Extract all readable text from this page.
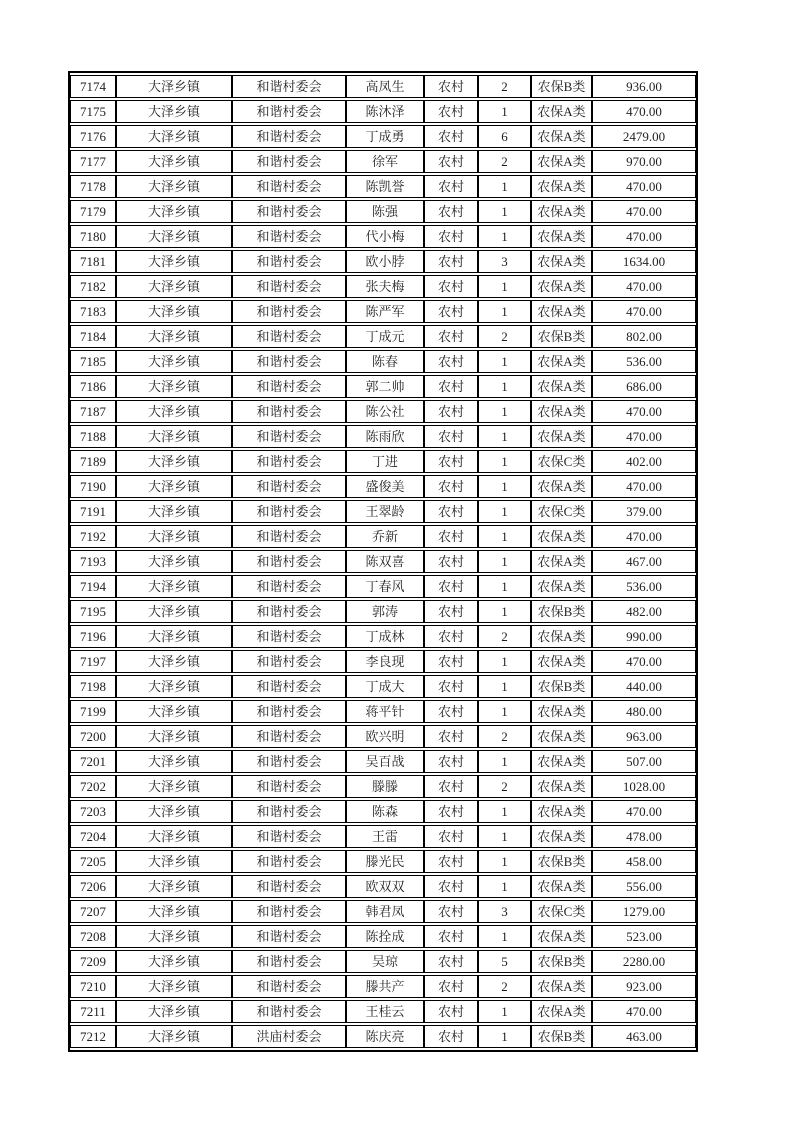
7174	大泽乡镇	和谐村委会	高凤生	农村	2	农保B类	936.00
7175	大泽乡镇	和谐村委会	陈沐泽	农村	1	农保A类	470.00
7176	大泽乡镇	和谐村委会	丁成勇	农村	6	农保A类	2479.00
7177	大泽乡镇	和谐村委会	徐军	农村	2	农保A类	970.00
7178	大泽乡镇	和谐村委会	陈凯誉	农村	1	农保A类	470.00
7179	大泽乡镇	和谐村委会	陈强	农村	1	农保A类	470.00
7180	大泽乡镇	和谐村委会	代小梅	农村	1	农保A类	470.00
7181	大泽乡镇	和谐村委会	欧小脖	农村	3	农保A类	1634.00
7182	大泽乡镇	和谐村委会	张夫梅	农村	1	农保A类	470.00
7183	大泽乡镇	和谐村委会	陈严军	农村	1	农保A类	470.00
7184	大泽乡镇	和谐村委会	丁成元	农村	2	农保B类	802.00
7185	大泽乡镇	和谐村委会	陈春	农村	1	农保A类	536.00
7186	大泽乡镇	和谐村委会	郭二帅	农村	1	农保A类	686.00
7187	大泽乡镇	和谐村委会	陈公社	农村	1	农保A类	470.00
7188	大泽乡镇	和谐村委会	陈雨欣	农村	1	农保A类	470.00
7189	大泽乡镇	和谐村委会	丁进	农村	1	农保C类	402.00
7190	大泽乡镇	和谐村委会	盛俊美	农村	1	农保A类	470.00
7191	大泽乡镇	和谐村委会	王翠龄	农村	1	农保C类	379.00
7192	大泽乡镇	和谐村委会	乔新	农村	1	农保A类	470.00
7193	大泽乡镇	和谐村委会	陈双喜	农村	1	农保A类	467.00
7194	大泽乡镇	和谐村委会	丁春风	农村	1	农保A类	536.00
7195	大泽乡镇	和谐村委会	郭涛	农村	1	农保B类	482.00
7196	大泽乡镇	和谐村委会	丁成林	农村	2	农保A类	990.00
7197	大泽乡镇	和谐村委会	李良现	农村	1	农保A类	470.00
7198	大泽乡镇	和谐村委会	丁成大	农村	1	农保B类	440.00
7199	大泽乡镇	和谐村委会	蒋平针	农村	1	农保A类	480.00
7200	大泽乡镇	和谐村委会	欧兴明	农村	2	农保A类	963.00
7201	大泽乡镇	和谐村委会	吴百战	农村	1	农保A类	507.00
7202	大泽乡镇	和谐村委会	滕滕	农村	2	农保A类	1028.00
7203	大泽乡镇	和谐村委会	陈森	农村	1	农保A类	470.00
7204	大泽乡镇	和谐村委会	王雷	农村	1	农保A类	478.00
7205	大泽乡镇	和谐村委会	滕光民	农村	1	农保B类	458.00
7206	大泽乡镇	和谐村委会	欧双双	农村	1	农保A类	556.00
7207	大泽乡镇	和谐村委会	韩君凤	农村	3	农保C类	1279.00
7208	大泽乡镇	和谐村委会	陈拴成	农村	1	农保A类	523.00
7209	大泽乡镇	和谐村委会	吴琼	农村	5	农保B类	2280.00
7210	大泽乡镇	和谐村委会	滕共产	农村	2	农保A类	923.00
7211	大泽乡镇	和谐村委会	王桂云	农村	1	农保A类	470.00
7212	大泽乡镇	洪庙村委会	陈庆亮	农村	1	农保B类	463.00
